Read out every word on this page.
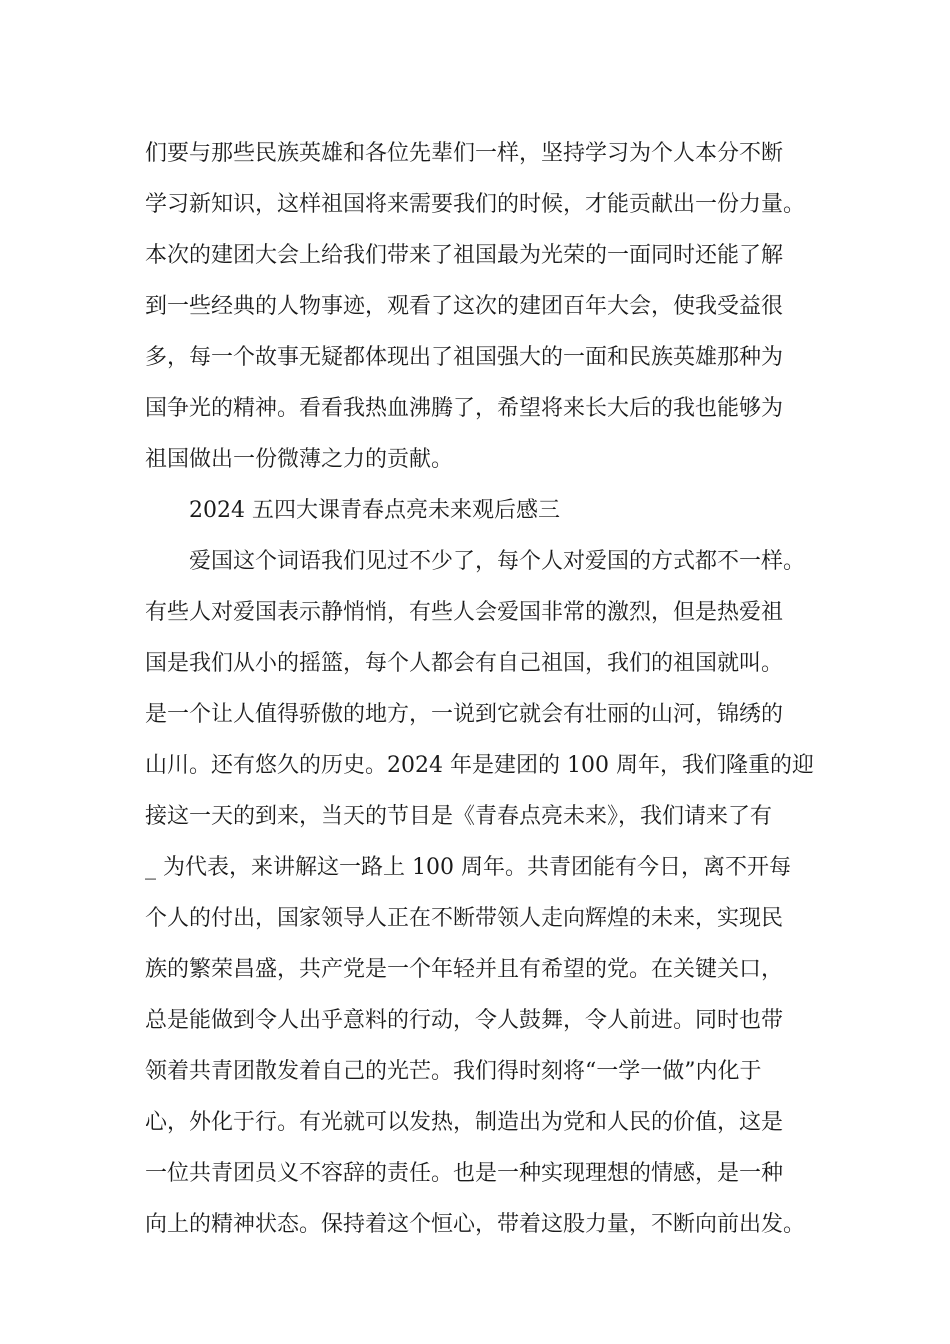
们要与那些民族英雄和各位先辈们一样，坚持学习为个人本分不断
学习新知识，这样祖国将来需要我们的时候，才能贡献出一份力量。
本次的建团大会上给我们带来了祖国最为光荣的一面同时还能了解
到一些经典的人物事迹，观看了这次的建团百年大会，使我受益很
多，每一个故事无疑都体现出了祖国强大的一面和民族英雄那种为
国争光的精神。看看我热血沸腾了，希望将来长大后的我也能够为
祖国做出一份微薄之力的贡献。
2024 五四大课青春点亮未来观后感三
爱国这个词语我们见过不少了，每个人对爱国的方式都不一样。
有些人对爱国表示静悄悄，有些人会爱国非常的激烈，但是热爱祖
国是我们从小的摇篮，每个人都会有自己祖国，我们的祖国就叫。
是一个让人值得骄傲的地方，一说到它就会有壮丽的山河，锦绣的
山川。还有悠久的历史。2024 年是建团的 100 周年，我们隆重的迎
接这一天的到来，当天的节目是《青春点亮未来》，我们请来了有
_ 为代表，来讲解这一路上 100 周年。共青团能有今日，离不开每
个人的付出，国家领导人正在不断带领人走向辉煌的未来，实现民
族的繁荣昌盛，共产党是一个年轻并且有希望的党。在关键关口，
总是能做到令人出乎意料的行动，令人鼓舞，令人前进。同时也带
领着共青团散发着自己的光芒。我们得时刻将“一学一做”内化于
心，外化于行。有光就可以发热，制造出为党和人民的价值，这是
一位共青团员义不容辞的责任。也是一种实现理想的情感，是一种
向上的精神状态。保持着这个恒心，带着这股力量，不断向前出发。
